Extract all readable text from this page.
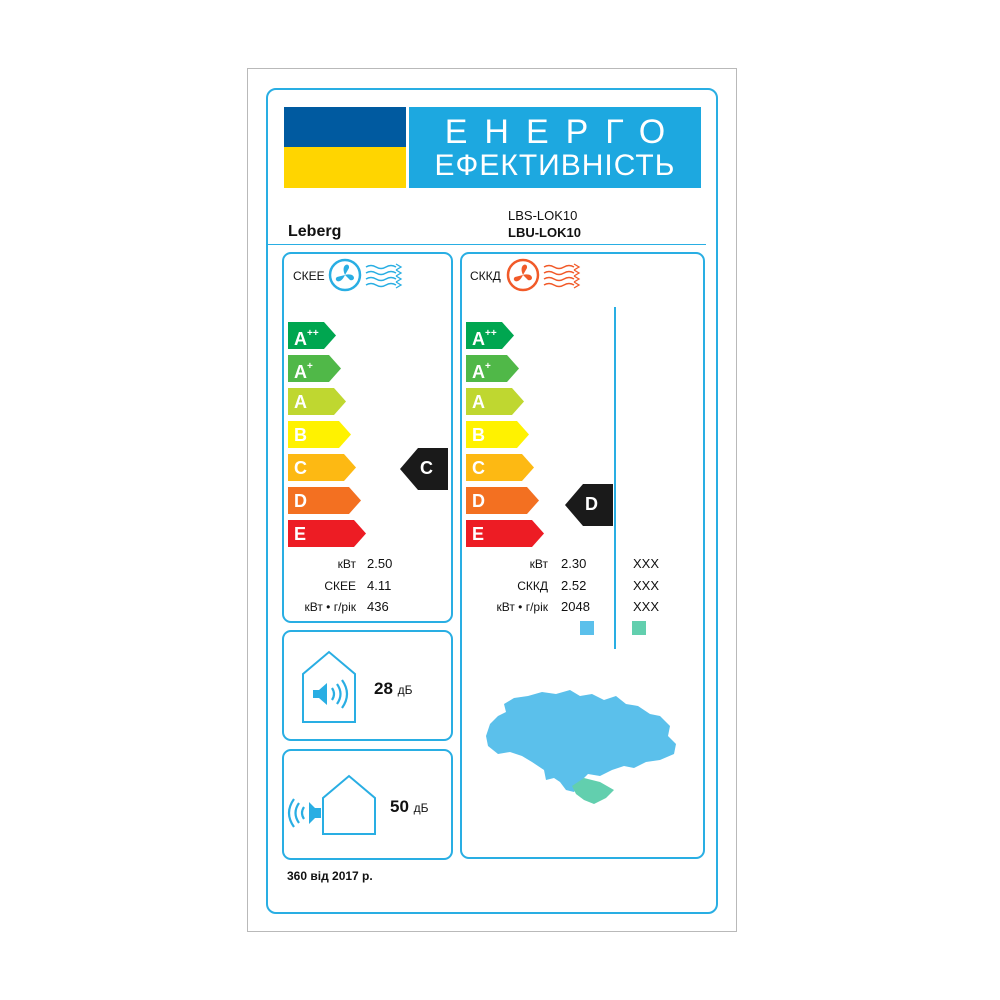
ЕНЕРГО
ЕФЕКТИВНІСТЬ
Leberg
LBS-LOK10
LBU-LOK10
СКЕЕ	СККД
A++
A+
A
B
C
D
E
A++
A+
A
B
C
D
E
C
D
кВт 2.50
СКЕЕ 4.11
кВт • г/рік 436
кВт 2.30	XXX
СККД 2.52	XXX
кВт • г/рік 2048	XXX
28 дБ
50 дБ
360 від 2017 р.
